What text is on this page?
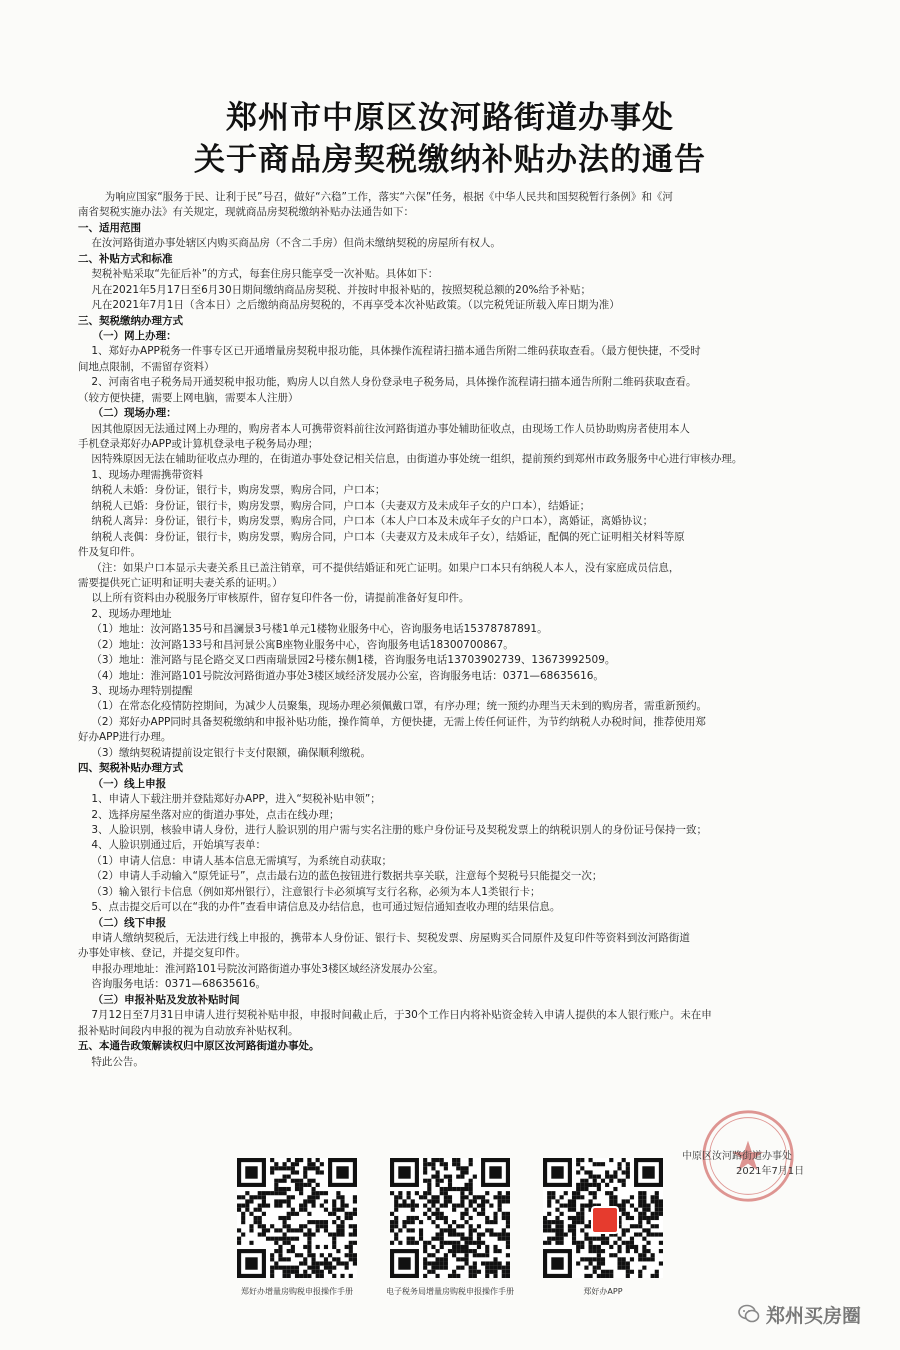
郑州市中原区汝河路街道办事处
关于商品房契税缴纳补贴办法的通告
为响应国家“服务于民、让利于民”号召，做好“六稳”工作，落实“六保”任务，根据《中华人民共和国契税暂行条例》和《河
南省契税实施办法》有关规定，现就商品房契税缴纳补贴办法通告如下：
一、适用范围
在汝河路街道办事处辖区内购买商品房（不含二手房）但尚未缴纳契税的房屋所有权人。
二、补贴方式和标准
契税补贴采取“先征后补”的方式，每套住房只能享受一次补贴。具体如下：
凡在2021年5月17日至6月30日期间缴纳商品房契税、并按时申报补贴的，按照契税总额的20%给予补贴；
凡在2021年7月1日（含本日）之后缴纳商品房契税的，不再享受本次补贴政策。（以完税凭证所载入库日期为准）
三、契税缴纳办理方式
（一）网上办理：
1、郑好办APP税务一件事专区已开通增量房契税申报功能，具体操作流程请扫描本通告所附二维码获取查看。（最方便快捷，不受时
间地点限制，不需留存资料）
2、河南省电子税务局开通契税申报功能，购房人以自然人身份登录电子税务局，具体操作流程请扫描本通告所附二维码获取查看。
（较方便快捷，需要上网电脑，需要本人注册）
（二）现场办理：
因其他原因无法通过网上办理的，购房者本人可携带资料前往汝河路街道办事处辅助征收点，由现场工作人员协助购房者使用本人
手机登录郑好办APP或计算机登录电子税务局办理；
因特殊原因无法在辅助征收点办理的，在街道办事处登记相关信息，由街道办事处统一组织，提前预约到郑州市政务服务中心进行审核办理。
1、现场办理需携带资料
纳税人未婚：身份证，银行卡，购房发票，购房合同，户口本；
纳税人已婚：身份证，银行卡，购房发票，购房合同，户口本（夫妻双方及未成年子女的户口本），结婚证；
纳税人离异：身份证，银行卡，购房发票，购房合同，户口本（本人户口本及未成年子女的户口本），离婚证，离婚协议；
纳税人丧偶：身份证，银行卡，购房发票，购房合同，户口本（夫妻双方及未成年子女），结婚证，配偶的死亡证明相关材料等原
件及复印件。
（注：如果户口本显示夫妻关系且已盖注销章，可不提供结婚证和死亡证明。如果户口本只有纳税人本人，没有家庭成员信息，
需要提供死亡证明和证明夫妻关系的证明。）
以上所有资料由办税服务厅审核原件，留存复印件各一份，请提前准备好复印件。
2、现场办理地址
（1）地址：汝河路135号和昌澜景3号楼1单元1楼物业服务中心，咨询服务电话15378787891。
（2）地址：汝河路133号和昌河景公寓B座物业服务中心，咨询服务电话18300700867。
（3）地址：淮河路与昆仑路交叉口西南瑞景园2号楼东侧1楼，咨询服务电话13703902739、13673992509。
（4）地址：淮河路101号院汝河路街道办事处3楼区域经济发展办公室，咨询服务电话：0371—68635616。
3、现场办理特别提醒
（1）在常态化疫情防控期间，为减少人员聚集，现场办理必须佩戴口罩，有序办理；统一预约办理当天未到的购房者，需重新预约。
（2）郑好办APP同时具备契税缴纳和申报补贴功能，操作简单，方便快捷，无需上传任何证件，为节约纳税人办税时间，推荐使用郑
好办APP进行办理。
（3）缴纳契税请提前设定银行卡支付限额，确保顺利缴税。
四、契税补贴办理方式
（一）线上申报
1、申请人下载注册并登陆郑好办APP，进入“契税补贴申领”；
2、选择房屋坐落对应的街道办事处，点击在线办理；
3、人脸识别，核验申请人身份，进行人脸识别的用户需与实名注册的账户身份证号及契税发票上的纳税识别人的身份证号保持一致；
4、人脸识别通过后，开始填写表单：
（1）申请人信息：申请人基本信息无需填写，为系统自动获取；
（2）申请人手动输入“原凭证号”，点击最右边的蓝色按钮进行数据共享关联，注意每个契税号只能提交一次；
（3）输入银行卡信息（例如郑州银行），注意银行卡必须填写支行名称，必须为本人1类银行卡；
5、点击提交后可以在“我的办件”查看申请信息及办结信息，也可通过短信通知查收办理的结果信息。
（二）线下申报
申请人缴纳契税后，无法进行线上申报的，携带本人身份证、银行卡、契税发票、房屋购买合同原件及复印件等资料到汝河路街道
办事处审核、登记，并提交复印件。
申报办理地址：淮河路101号院汝河路街道办事处3楼区域经济发展办公室。
咨询服务电话：0371—68635616。
（三）申报补贴及发放补贴时间
7月12日至7月31日申请人进行契税补贴申报，申报时间截止后，于30个工作日内将补贴资金转入申请人提供的本人银行账户。未在申
报补贴时间段内申报的视为自动放弃补贴权利。
五、本通告政策解读权归中原区汝河路街道办事处。
特此公告。
中原区汝河路街道办事处
2021年7月1日
郑好办增量房购税申报操作手册	电子税务局增量房购税申报操作手册	郑好办APP
郑州买房圈
